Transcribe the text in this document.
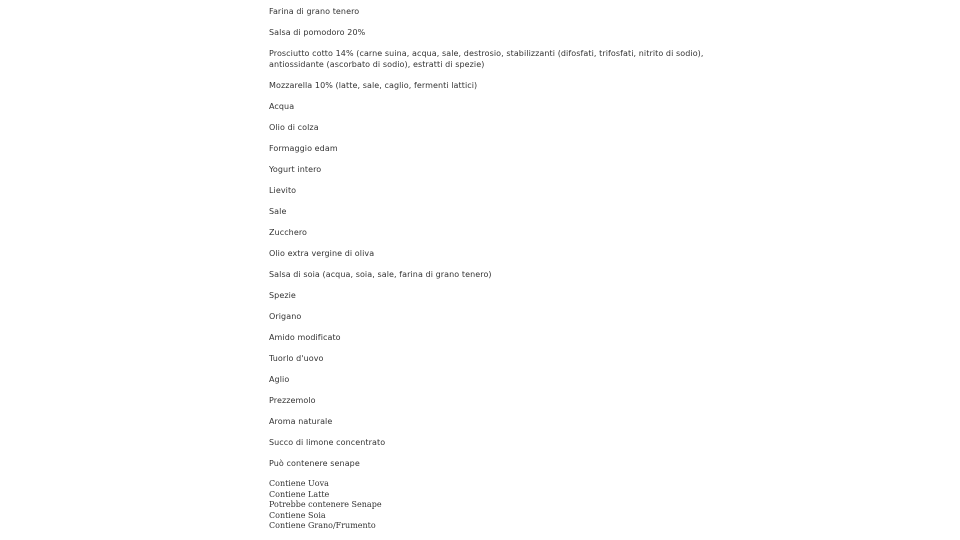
Farina di grano tenero
Salsa di pomodoro 20%
Prosciutto cotto 14% (carne suina, acqua, sale, destrosio, stabilizzanti (difosfati, trifosfati, nitrito di sodio), antiossidante (ascorbato di sodio), estratti di spezie)
Mozzarella 10% (latte, sale, caglio, fermenti lattici)
Acqua
Olio di colza
Formaggio edam
Yogurt intero
Lievito
Sale
Zucchero
Olio extra vergine di oliva
Salsa di soia (acqua, soia, sale, farina di grano tenero)
Spezie
Origano
Amido modificato
Tuorlo d'uovo
Aglio
Prezzemolo
Aroma naturale
Succo di limone concentrato
Può contenere senape
Contiene Uova
Contiene Latte
Potrebbe contenere Senape
Contiene Soia
Contiene Grano/Frumento
